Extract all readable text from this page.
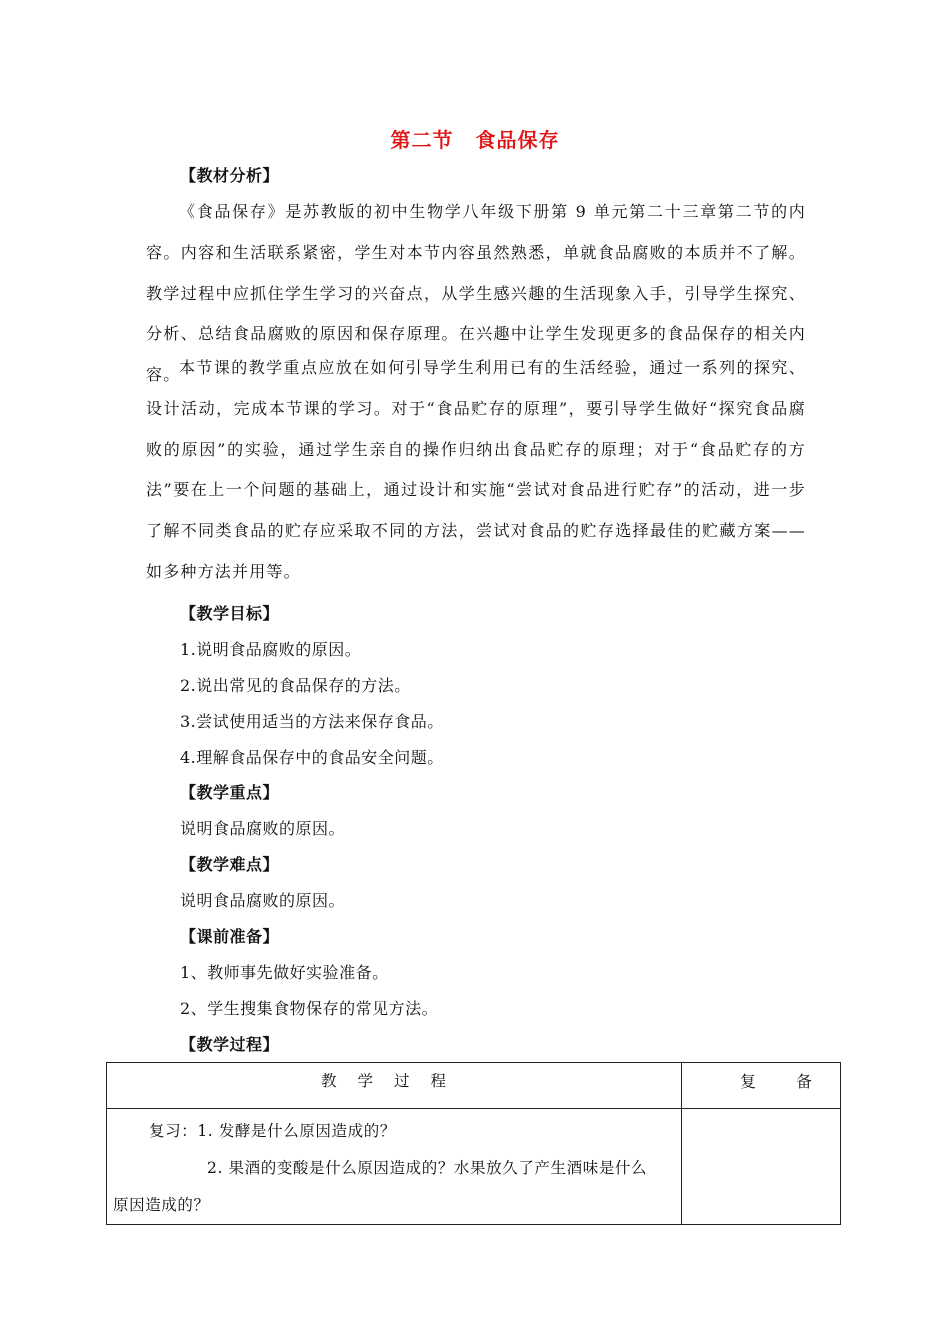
第二节 食品保存
【教材分析】

《食品保存》是苏教版的初中生物学八年级下册第 9 单元第二十三章第二节的内容。内容和生活联系紧密，学生对本节内容虽然熟悉，单就食品腐败的本质并不了解。教学过程中应抓住学生学习的兴奋点，从学生感兴趣的生活现象入手，引导学生探究、分析、总结食品腐败的原因和保存原理。在兴趣中让学生发现更多的食品保存的相关内容。

本节课的教学重点应放在如何引导学生利用已有的生活经验，通过一系列的探究、设计活动，完成本节课的学习。对于“食品贮存的原理”，要引导学生做好“探究食品腐败的原因”的实验，通过学生亲自的操作归纳出食品贮存的原理；对于“食品贮存的方法”要在上一个问题的基础上，通过设计和实施“尝试对食品进行贮存”的活动，进一步了解不同类食品的贮存应采取不同的方法，尝试对食品的贮存选择最佳的贮藏方案——如多种方法并用等。

【教学目标】
1.说明食品腐败的原因。
2.说出常见的食品保存的方法。
3.尝试使用适当的方法来保存食品。
4.理解食品保存中的食品安全问题。
【教学重点】
说明食品腐败的原因。
【教学难点】
说明食品腐败的原因。
【课前准备】
1、教师事先做好实验准备。
2、学生搜集食物保存的常见方法。
【教学过程】
教学过程	复 备

复习：1. 发酵是什么原因造成的？
2. 果酒的变酸是什么原因造成的？水果放久了产生酒味是什么
原因造成的？	
